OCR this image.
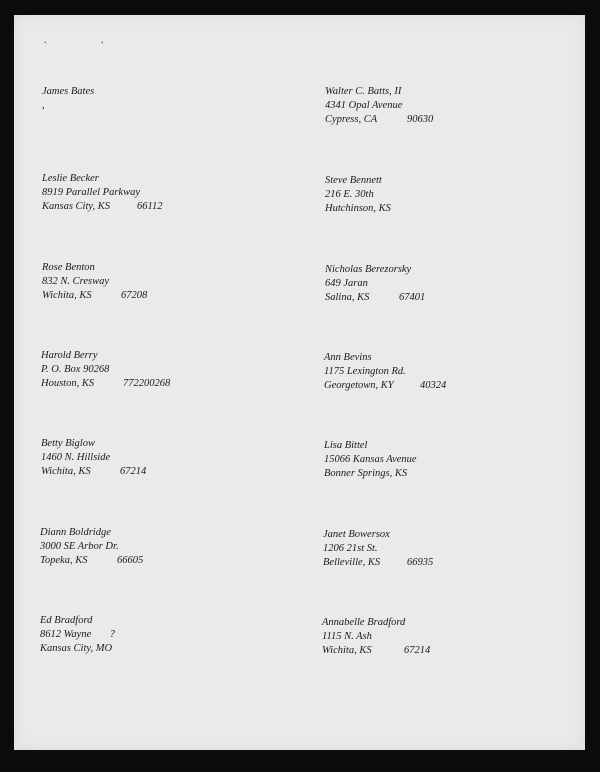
. .
James Bates
,
Leslie Becker
8919 Parallel Parkway
Kansas City, KS	66112
Rose Benton
832 N. Cresway
Wichita, KS	67208
Harold Berry
P. O. Box 90268
Houston, KS	772200268
Betty Biglow
1460 N. Hillside
Wichita, KS	67214
Diann Boldridge
3000 SE Arbor Dr.
Topeka, KS	66605
Ed Bradford
8612 Wayne       ?
Kansas City, MO
Walter C. Batts, II
4341 Opal Avenue
Cypress, CA	90630
Steve Bennett
216 E. 30th
Hutchinson, KS
Nicholas Berezorsky
649 Jaran
Salina, KS	67401
Ann Bevins
1175 Lexington Rd.
Georgetown, KY	40324
Lisa Bittel
15066 Kansas Avenue
Bonner Springs, KS
Janet Bowersox
1206 21st St.
Belleville, KS	66935
Annabelle Bradford
1115 N. Ash
Wichita, KS	67214
